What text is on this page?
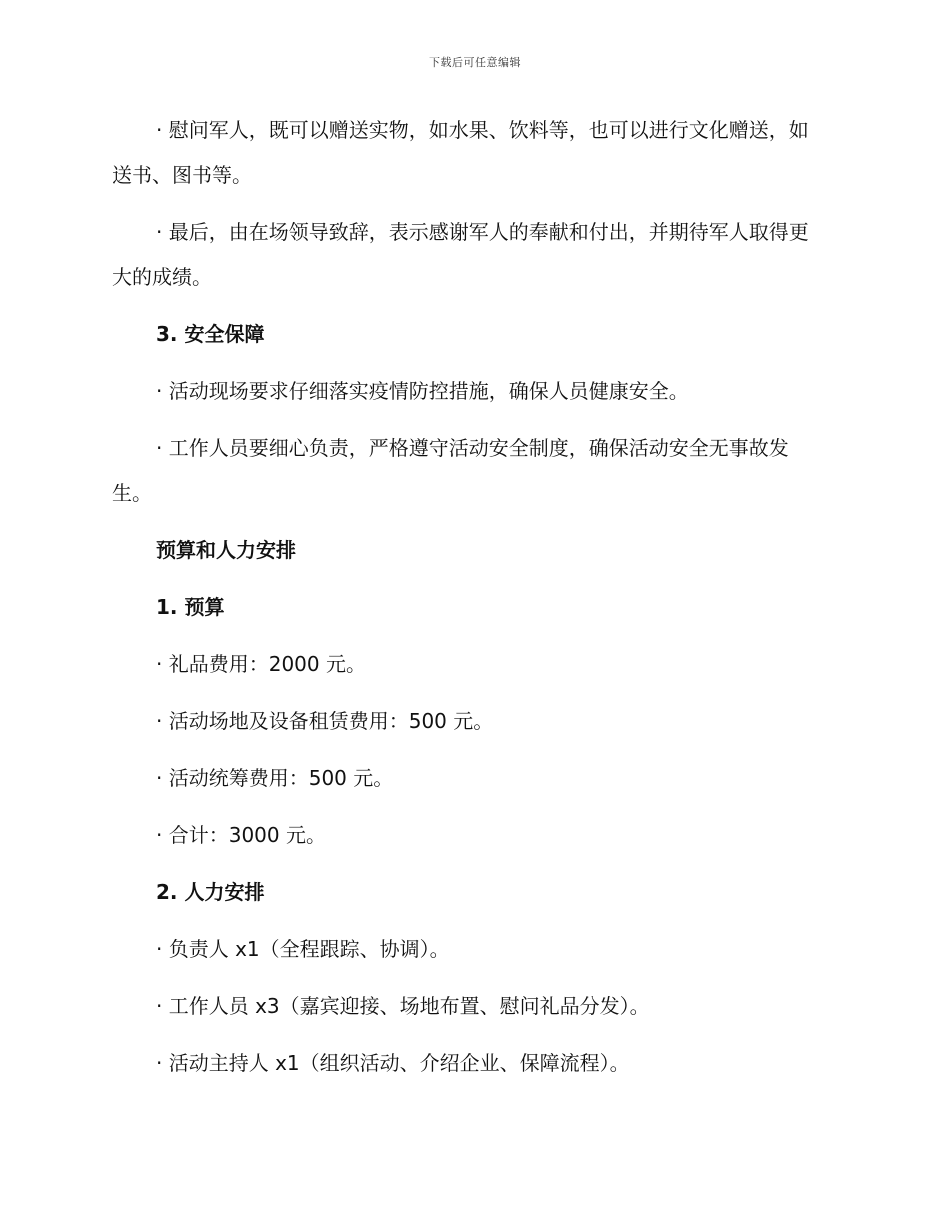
下载后可任意编辑

· 慰问军人，既可以赠送实物，如水果、饮料等，也可以进行文化赠送，如送书、图书等。

· 最后，由在场领导致辞，表示感谢军人的奉献和付出，并期待军人取得更大的成绩。

3. 安全保障

· 活动现场要求仔细落实疫情防控措施，确保人员健康安全。

· 工作人员要细心负责，严格遵守活动安全制度，确保活动安全无事故发生。

预算和人力安排

1. 预算

· 礼品费用：2000 元。

· 活动场地及设备租赁费用：500 元。

· 活动统筹费用：500 元。

· 合计：3000 元。

2. 人力安排

· 负责人 x1（全程跟踪、协调）。

· 工作人员 x3（嘉宾迎接、场地布置、慰问礼品分发）。

· 活动主持人 x1（组织活动、介绍企业、保障流程）。
